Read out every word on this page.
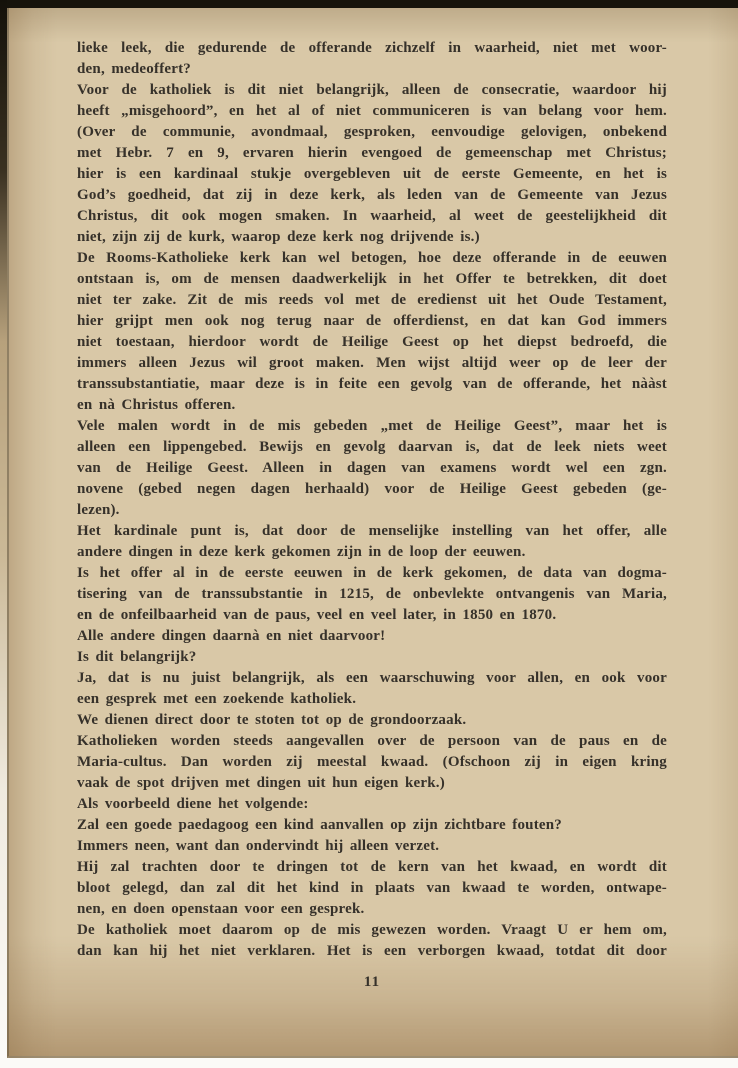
lieke leek, die gedurende de offerande zichzelf in waarheid, niet met woor-
den, medeoffert?
Voor de katholiek is dit niet belangrijk, alleen de consecratie, waardoor hij
heeft „misgehoord”, en het al of niet communiceren is van belang voor hem.
(Over de communie, avondmaal, gesproken, eenvoudige gelovigen, onbekend
met Hebr. 7 en 9, ervaren hierin evengoed de gemeenschap met Christus;
hier is een kardinaal stukje overgebleven uit de eerste Gemeente, en het is
God’s goedheid, dat zij in deze kerk, als leden van de Gemeente van Jezus
Christus, dit ook mogen smaken. In waarheid, al weet de geestelijkheid dit
niet, zijn zij de kurk, waarop deze kerk nog drijvende is.)
De Rooms-Katholieke kerk kan wel betogen, hoe deze offerande in de eeuwen
ontstaan is, om de mensen daadwerkelijk in het Offer te betrekken, dit doet
niet ter zake. Zit de mis reeds vol met de eredienst uit het Oude Testament,
hier grijpt men ook nog terug naar de offerdienst, en dat kan God immers
niet toestaan, hierdoor wordt de Heilige Geest op het diepst bedroefd, die
immers alleen Jezus wil groot maken. Men wijst altijd weer op de leer der
transsubstantiatie, maar deze is in feite een gevolg van de offerande, het nààst
en nà Christus offeren.
Vele malen wordt in de mis gebeden „met de Heilige Geest”, maar het is
alleen een lippengebed. Bewijs en gevolg daarvan is, dat de leek niets weet
van de Heilige Geest. Alleen in dagen van examens wordt wel een zgn.
novene (gebed negen dagen herhaald) voor de Heilige Geest gebeden (ge-
lezen).
Het kardinale punt is, dat door de menselijke instelling van het offer, alle
andere dingen in deze kerk gekomen zijn in de loop der eeuwen.
Is het offer al in de eerste eeuwen in de kerk gekomen, de data van dogma-
tisering van de transsubstantie in 1215, de onbevlekte ontvangenis van Maria,
en de onfeilbaarheid van de paus, veel en veel later, in 1850 en 1870.
Alle andere dingen daarnà en niet daarvoor!
Is dit belangrijk?
Ja, dat is nu juist belangrijk, als een waarschuwing voor allen, en ook voor
een gesprek met een zoekende katholiek.
We dienen direct door te stoten tot op de grondoorzaak.
Katholieken worden steeds aangevallen over de persoon van de paus en de
Maria-cultus. Dan worden zij meestal kwaad. (Ofschoon zij in eigen kring
vaak de spot drijven met dingen uit hun eigen kerk.)
Als voorbeeld diene het volgende:
Zal een goede paedagoog een kind aanvallen op zijn zichtbare fouten?
Immers neen, want dan ondervindt hij alleen verzet.
Hij zal trachten door te dringen tot de kern van het kwaad, en wordt dit
bloot gelegd, dan zal dit het kind in plaats van kwaad te worden, ontwape-
nen, en doen openstaan voor een gesprek.
De katholiek moet daarom op de mis gewezen worden. Vraagt U er hem om,
dan kan hij het niet verklaren. Het is een verborgen kwaad, totdat dit door
11
